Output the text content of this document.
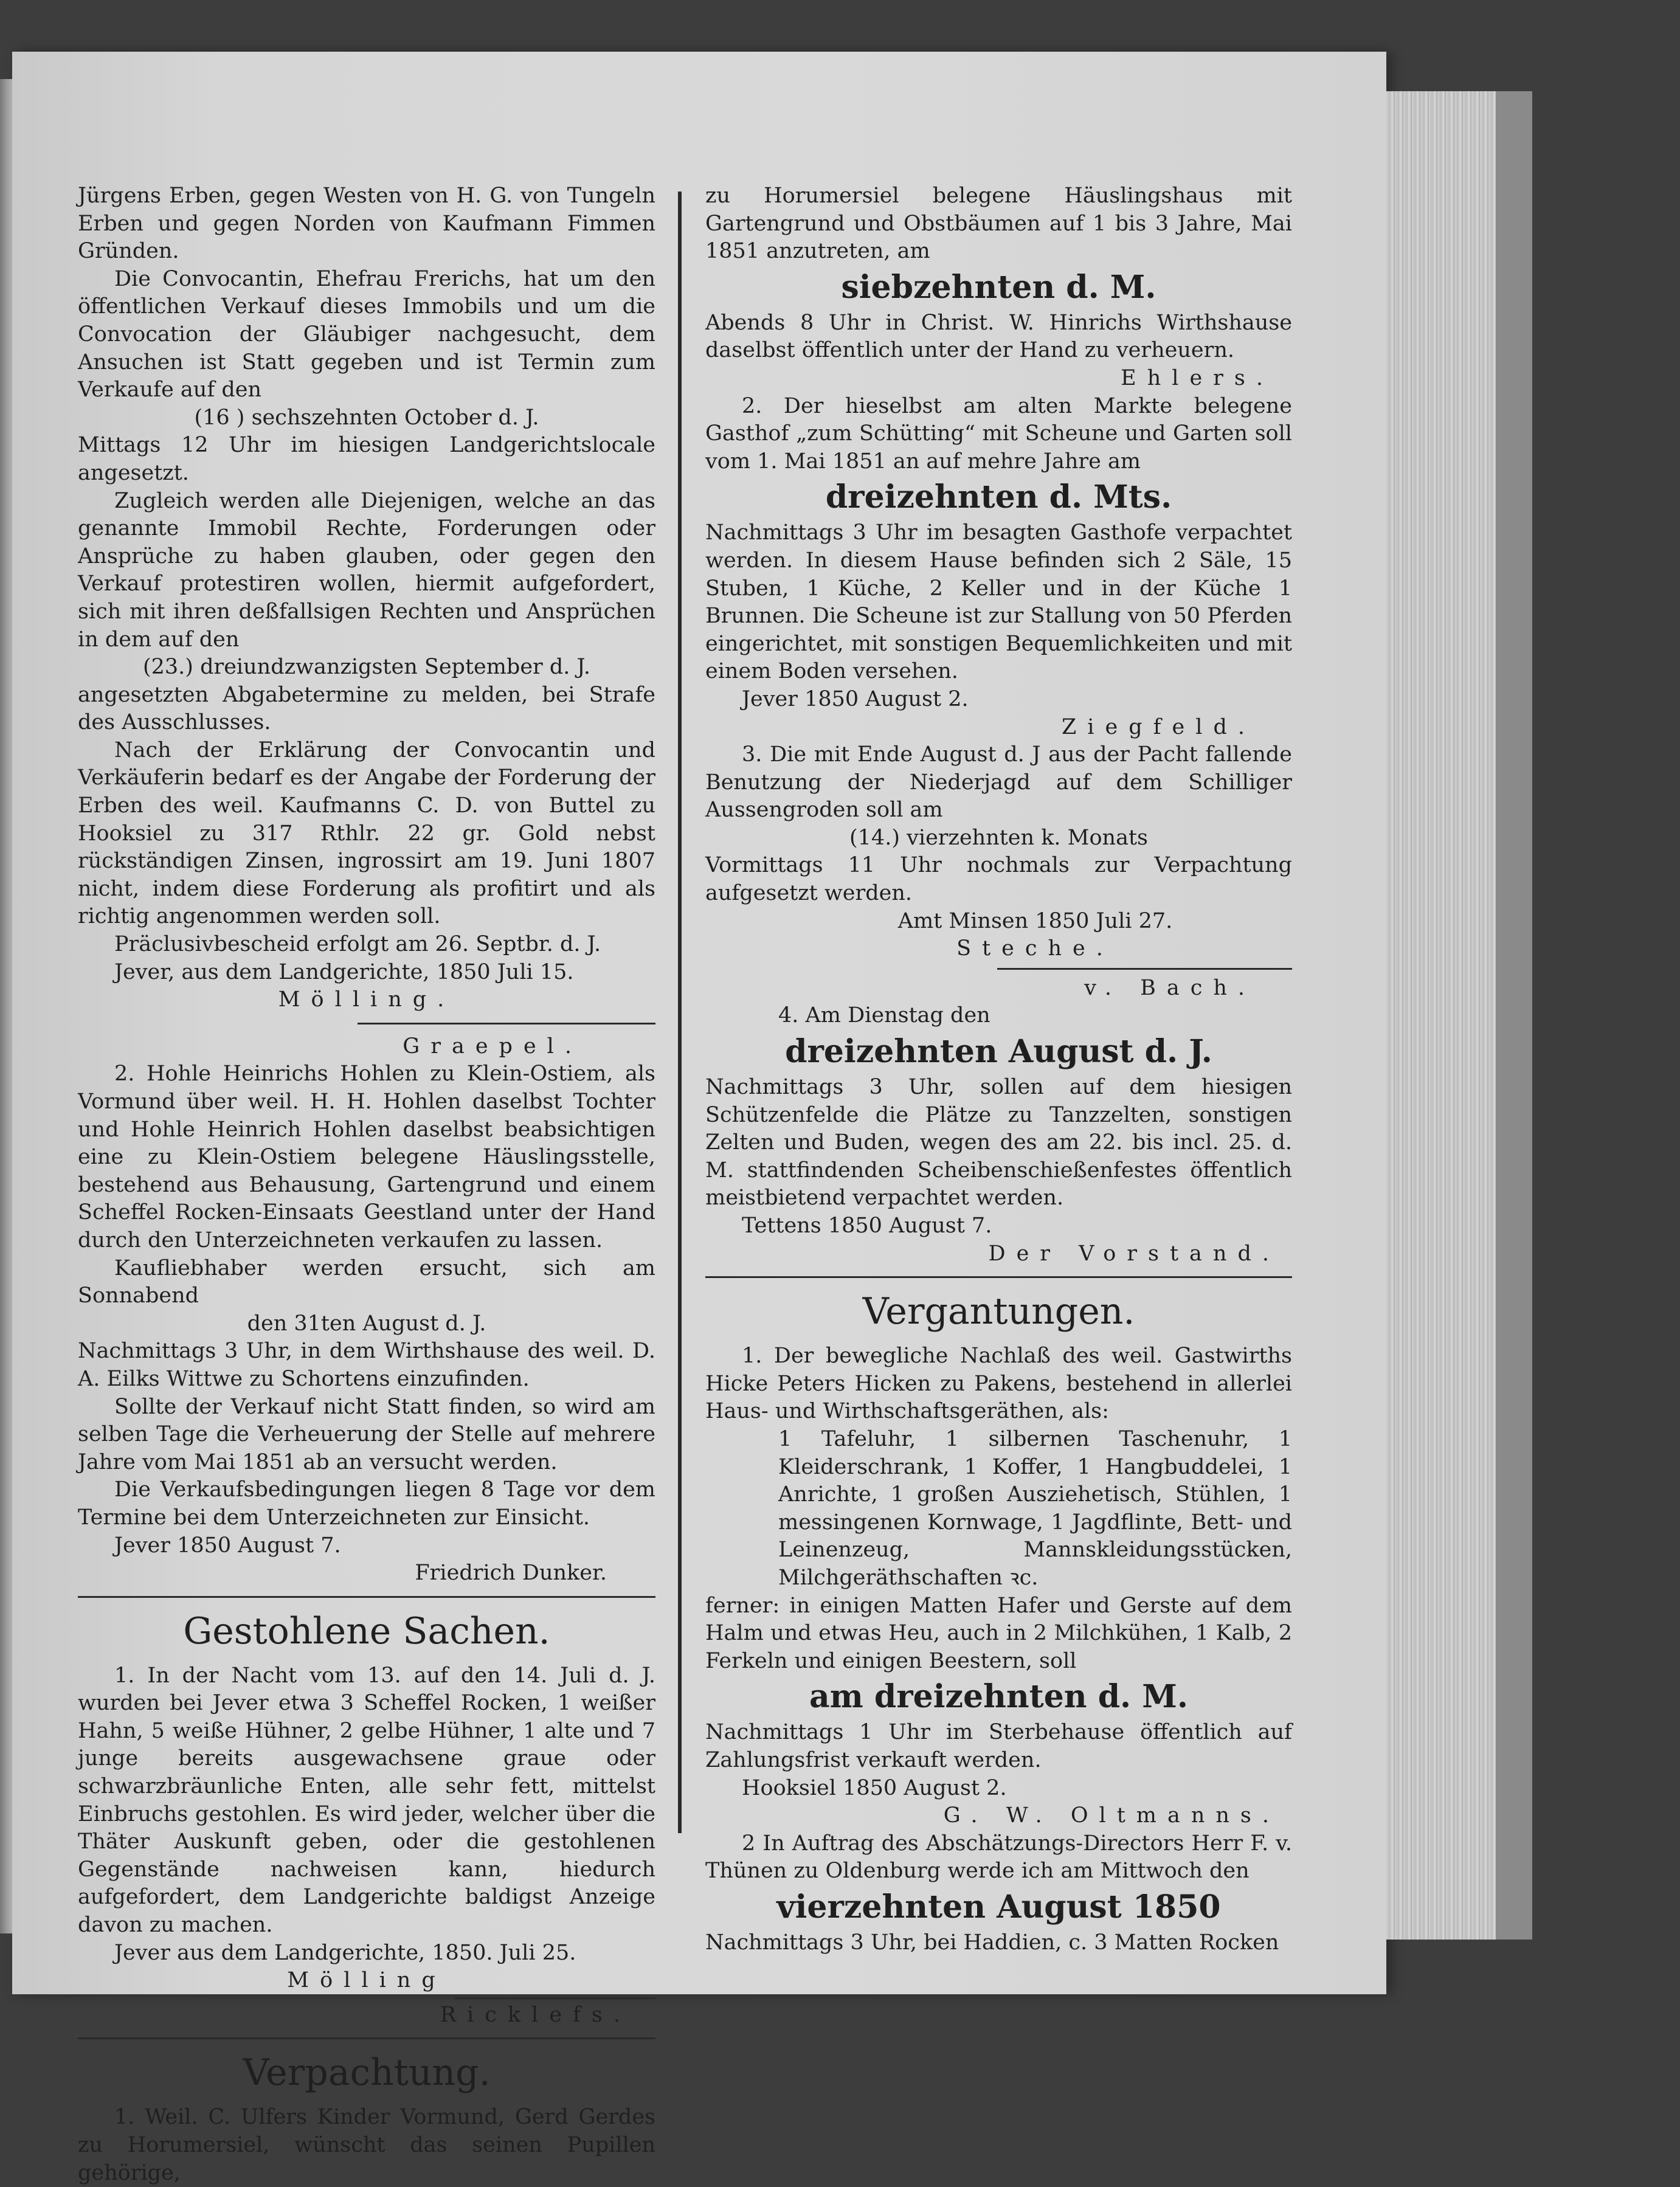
Jürgens Erben, gegen Westen von H. G. von Tungeln Erben und gegen Norden von Kaufmann Fimmen Gründen.

Die Convocantin, Ehefrau Frerichs, hat um den öffentlichen Verkauf dieses Immobils und um die Convocation der Gläubiger nachgesucht, dem Ansuchen ist Statt gegeben und ist Termin zum Verkaufe auf den

(16 ) sechszehnten October d. J.

Mittags 12 Uhr im hiesigen Landgerichtslocale angesetzt.

Zugleich werden alle Diejenigen, welche an das genannte Immobil Rechte, Forderungen oder Ansprüche zu haben glauben, oder gegen den Verkauf protestiren wollen, hiermit aufgefordert, sich mit ihren deßfallsigen Rechten und Ansprüchen in dem auf den

(23.) dreiundzwanzigsten September d. J.

angesetzten Abgabetermine zu melden, bei Strafe des Ausschlusses.

Nach der Erklärung der Convocantin und Verkäuferin bedarf es der Angabe der Forderung der Erben des weil. Kaufmanns C. D. von Buttel zu Hooksiel zu 317 Rthlr. 22 gr. Gold nebst rückständigen Zinsen, ingrossirt am 19. Juni 1807 nicht, indem diese Forderung als profitirt und als richtig angenommen werden soll.

Präclusivbescheid erfolgt am 26. Septbr. d. J.

Jever, aus dem Landgerichte, 1850 Juli 15.

Mölling.

Graepel.

2. Hohle Heinrichs Hohlen zu Klein-Ostiem, als Vormund über weil. H. H. Hohlen daselbst Tochter und Hohle Heinrich Hohlen daselbst beabsichtigen eine zu Klein-Ostiem belegene Häuslingsstelle, bestehend aus Behausung, Gartengrund und einem Scheffel Rocken-Einsaats Geestland unter der Hand durch den Unterzeichneten verkaufen zu lassen.

Kaufliebhaber werden ersucht, sich am Sonnabend

den 31ten August d. J.

Nachmittags 3 Uhr, in dem Wirthshause des weil. D. A. Eilks Wittwe zu Schortens einzufinden.

Sollte der Verkauf nicht Statt finden, so wird am selben Tage die Verheuerung der Stelle auf mehrere Jahre vom Mai 1851 ab an versucht werden.

Die Verkaufsbedingungen liegen 8 Tage vor dem Termine bei dem Unterzeichneten zur Einsicht.

Jever 1850 August 7.

Friedrich Dunker.

Gestohlene Sachen.

1. In der Nacht vom 13. auf den 14. Juli d. J. wurden bei Jever etwa 3 Scheffel Rocken, 1 weißer Hahn, 5 weiße Hühner, 2 gelbe Hühner, 1 alte und 7 junge bereits ausgewachsene graue oder schwarzbräunliche Enten, alle sehr fett, mittelst Einbruchs gestohlen. Es wird jeder, welcher über die Thäter Auskunft geben, oder die gestohlenen Gegenstände nachweisen kann, hiedurch aufgefordert, dem Landgerichte baldigst Anzeige davon zu machen.

Jever aus dem Landgerichte, 1850. Juli 25.

Mölling

Ricklefs.

Verpachtung.

1. Weil. C. Ulfers Kinder Vormund, Gerd Gerdes zu Horumersiel, wünscht das seinen Pupillen gehörige,

zu Horumersiel belegene Häuslingshaus mit Gartengrund und Obstbäumen auf 1 bis 3 Jahre, Mai 1851 anzutreten, am

siebzehnten d. M.

Abends 8 Uhr in Christ. W. Hinrichs Wirthshause daselbst öffentlich unter der Hand zu verheuern.

Ehlers.

2. Der hieselbst am alten Markte belegene Gasthof „zum Schütting“ mit Scheune und Garten soll vom 1. Mai 1851 an auf mehre Jahre am

dreizehnten d. Mts.

Nachmittags 3 Uhr im besagten Gasthofe verpachtet werden. In diesem Hause befinden sich 2 Säle, 15 Stuben, 1 Küche, 2 Keller und in der Küche 1 Brunnen. Die Scheune ist zur Stallung von 50 Pferden eingerichtet, mit sonstigen Bequemlichkeiten und mit einem Boden versehen.

Jever 1850 August 2.

Ziegfeld.

3. Die mit Ende August d. J aus der Pacht fallende Benutzung der Niederjagd auf dem Schilliger Aussengroden soll am

(14.) vierzehnten k. Monats

Vormittags 11 Uhr nochmals zur Verpachtung aufgesetzt werden.

Amt Minsen 1850 Juli 27.

Steche.

v. Bach.

4. Am Dienstag den

dreizehnten August d. J.

Nachmittags 3 Uhr, sollen auf dem hiesigen Schützenfelde die Plätze zu Tanzzelten, sonstigen Zelten und Buden, wegen des am 22. bis incl. 25. d. M. stattfindenden Scheibenschießenfestes öffentlich meistbietend verpachtet werden.

Tettens 1850 August 7.

Der Vorstand.

Vergantungen.

1. Der bewegliche Nachlaß des weil. Gastwirths Hicke Peters Hicken zu Pakens, bestehend in allerlei Haus- und Wirthschaftsgeräthen, als:

1 Tafeluhr, 1 silbernen Taschenuhr, 1 Kleiderschrank, 1 Koffer, 1 Hangbuddelei, 1 Anrichte, 1 großen Ausziehetisch, Stühlen, 1 messingenen Kornwage, 1 Jagdflinte, Bett- und Leinenzeug, Mannskleidungsstücken, Milchgeräthschaften ꝛc.

ferner: in einigen Matten Hafer und Gerste auf dem Halm und etwas Heu, auch in 2 Milchkühen, 1 Kalb, 2 Ferkeln und einigen Beestern, soll

am dreizehnten d. M.

Nachmittags 1 Uhr im Sterbehause öffentlich auf Zahlungsfrist verkauft werden.

Hooksiel 1850 August 2.

G. W. Oltmanns.

2 In Auftrag des Abschätzungs-Directors Herr F. v. Thünen zu Oldenburg werde ich am Mittwoch den

vierzehnten August 1850

Nachmittags 3 Uhr, bei Haddien, c. 3 Matten Rocken
